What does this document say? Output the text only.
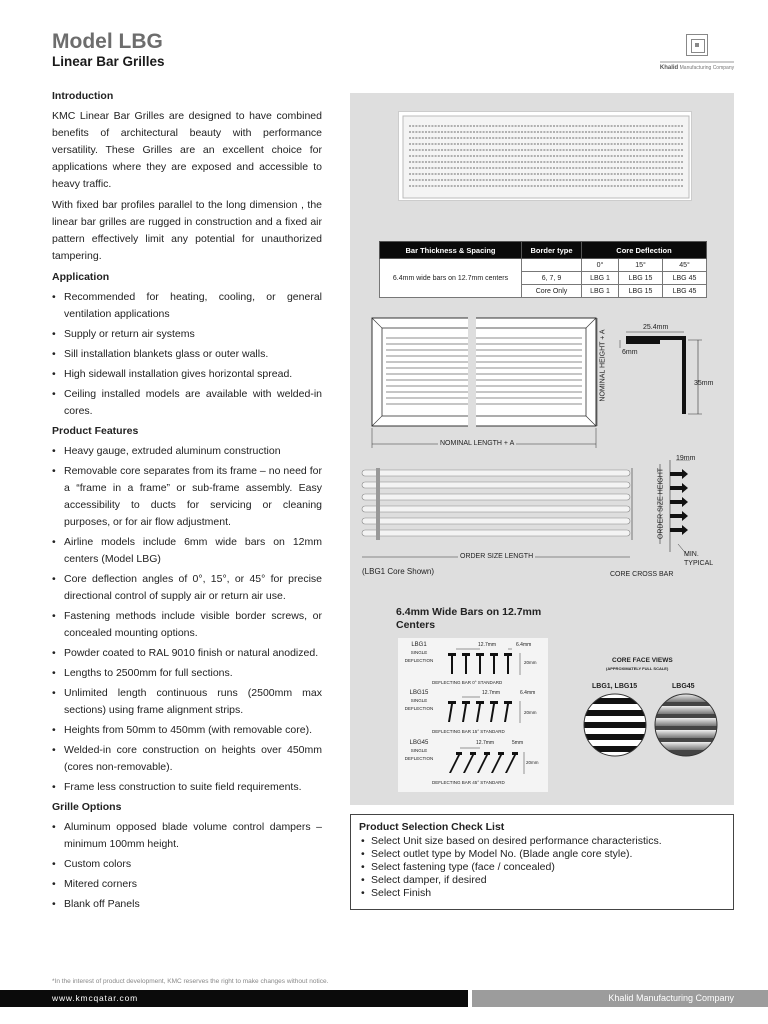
Model LBG
Linear Bar Grilles	Khalid Manufacturing Company
Introduction

KMC Linear Bar Grilles are designed to have combined benefits of architectural beauty with performance versatility. These Grilles are an excellent choice for applications where they are exposed and accessible to heavy traffic.

With fixed bar profiles parallel to the long dimension , the linear bar grilles are rugged in construction and a fixed air pattern effectively limit any potential for unauthorized tampering.

Application
• Recommended for heating, cooling, or general ventilation applications
• Supply or return air systems
• Sill installation blankets glass or outer walls.
• High sidewall installation gives horizontal spread.
• Ceiling installed models are available with welded-in cores.
Product Features
• Heavy gauge, extruded aluminum construction
• Removable core separates from its frame – no need for a “frame in a frame” or sub-frame assembly. Easy accessibility to ducts for servicing or cleaning purposes, or for air flow adjustment.
• Airline models include 6mm wide bars on 12mm centers (Model LBG)
• Core deflection angles of 0°, 15°, or 45° for precise directional control of supply air or return air use.
• Fastening methods include visible border screws, or concealed mounting options.
• Powder coated to RAL 9010 finish or natural anodized.
• Lengths to 2500mm for full sections.
• Unlimited length continuous runs (2500mm max sections) using frame alignment strips.
• Heights from 50mm to 450mm (with removable core).
• Welded-in core construction on heights over 450mm (cores non-removable).
• Frame less construction to suite field requirements.
Grille Options
• Aluminum opposed blade volume control dampers – minimum 100mm height.
• Custom colors
• Mitered corners
• Blank off Panels
Bar Thickness & Spacing	Border type	Core Deflection		
6.4mm wide bars on 12.7mm centers		0°	15°	45°
	6, 7, 9	LBG 1	LBG 15	LBG 45
	Core Only	LBG 1	LBG 15	LBG 45
NOMINAL LENGTH + A
NOMINAL HEIGHT + A
25.4mm
6mm
35mm
19mm
ORDER SIZE HEIGHT
ORDER SIZE LENGTH	MIN. TYPICAL
(LBG1 Core Shown)	CORE CROSS BAR
6.4mm Wide Bars on 12.7mm Centers
LBG1
SINGLE DEFLECTION
12.7mm	6.4mm
20mm
DEFLECTING BAR 0° STANDARD
LBG15
SINGLE DEFLECTION
12.7mm	6.4mm
20mm
DEFLECTING BAR 15° STANDARD
LBG45
SINGLE DEFLECTION
12.7mm	5mm
20mm
DEFLECTING BAR 45° STANDARD
CORE FACE VIEWS
(APPROXIMATELY FULL SCALE)
LBG1, LBG15	LBG45
Product Selection Check List
• Select Unit size based on desired performance characteristics.
• Select outlet type by Model No. (Blade angle core style).
• Select fastening type (face / concealed)
• Select damper, if desired
• Select Finish
*In the interest of product development, KMC reserves the right to make changes without notice.
www.kmcqatar.com	Khalid Manufacturing Company
